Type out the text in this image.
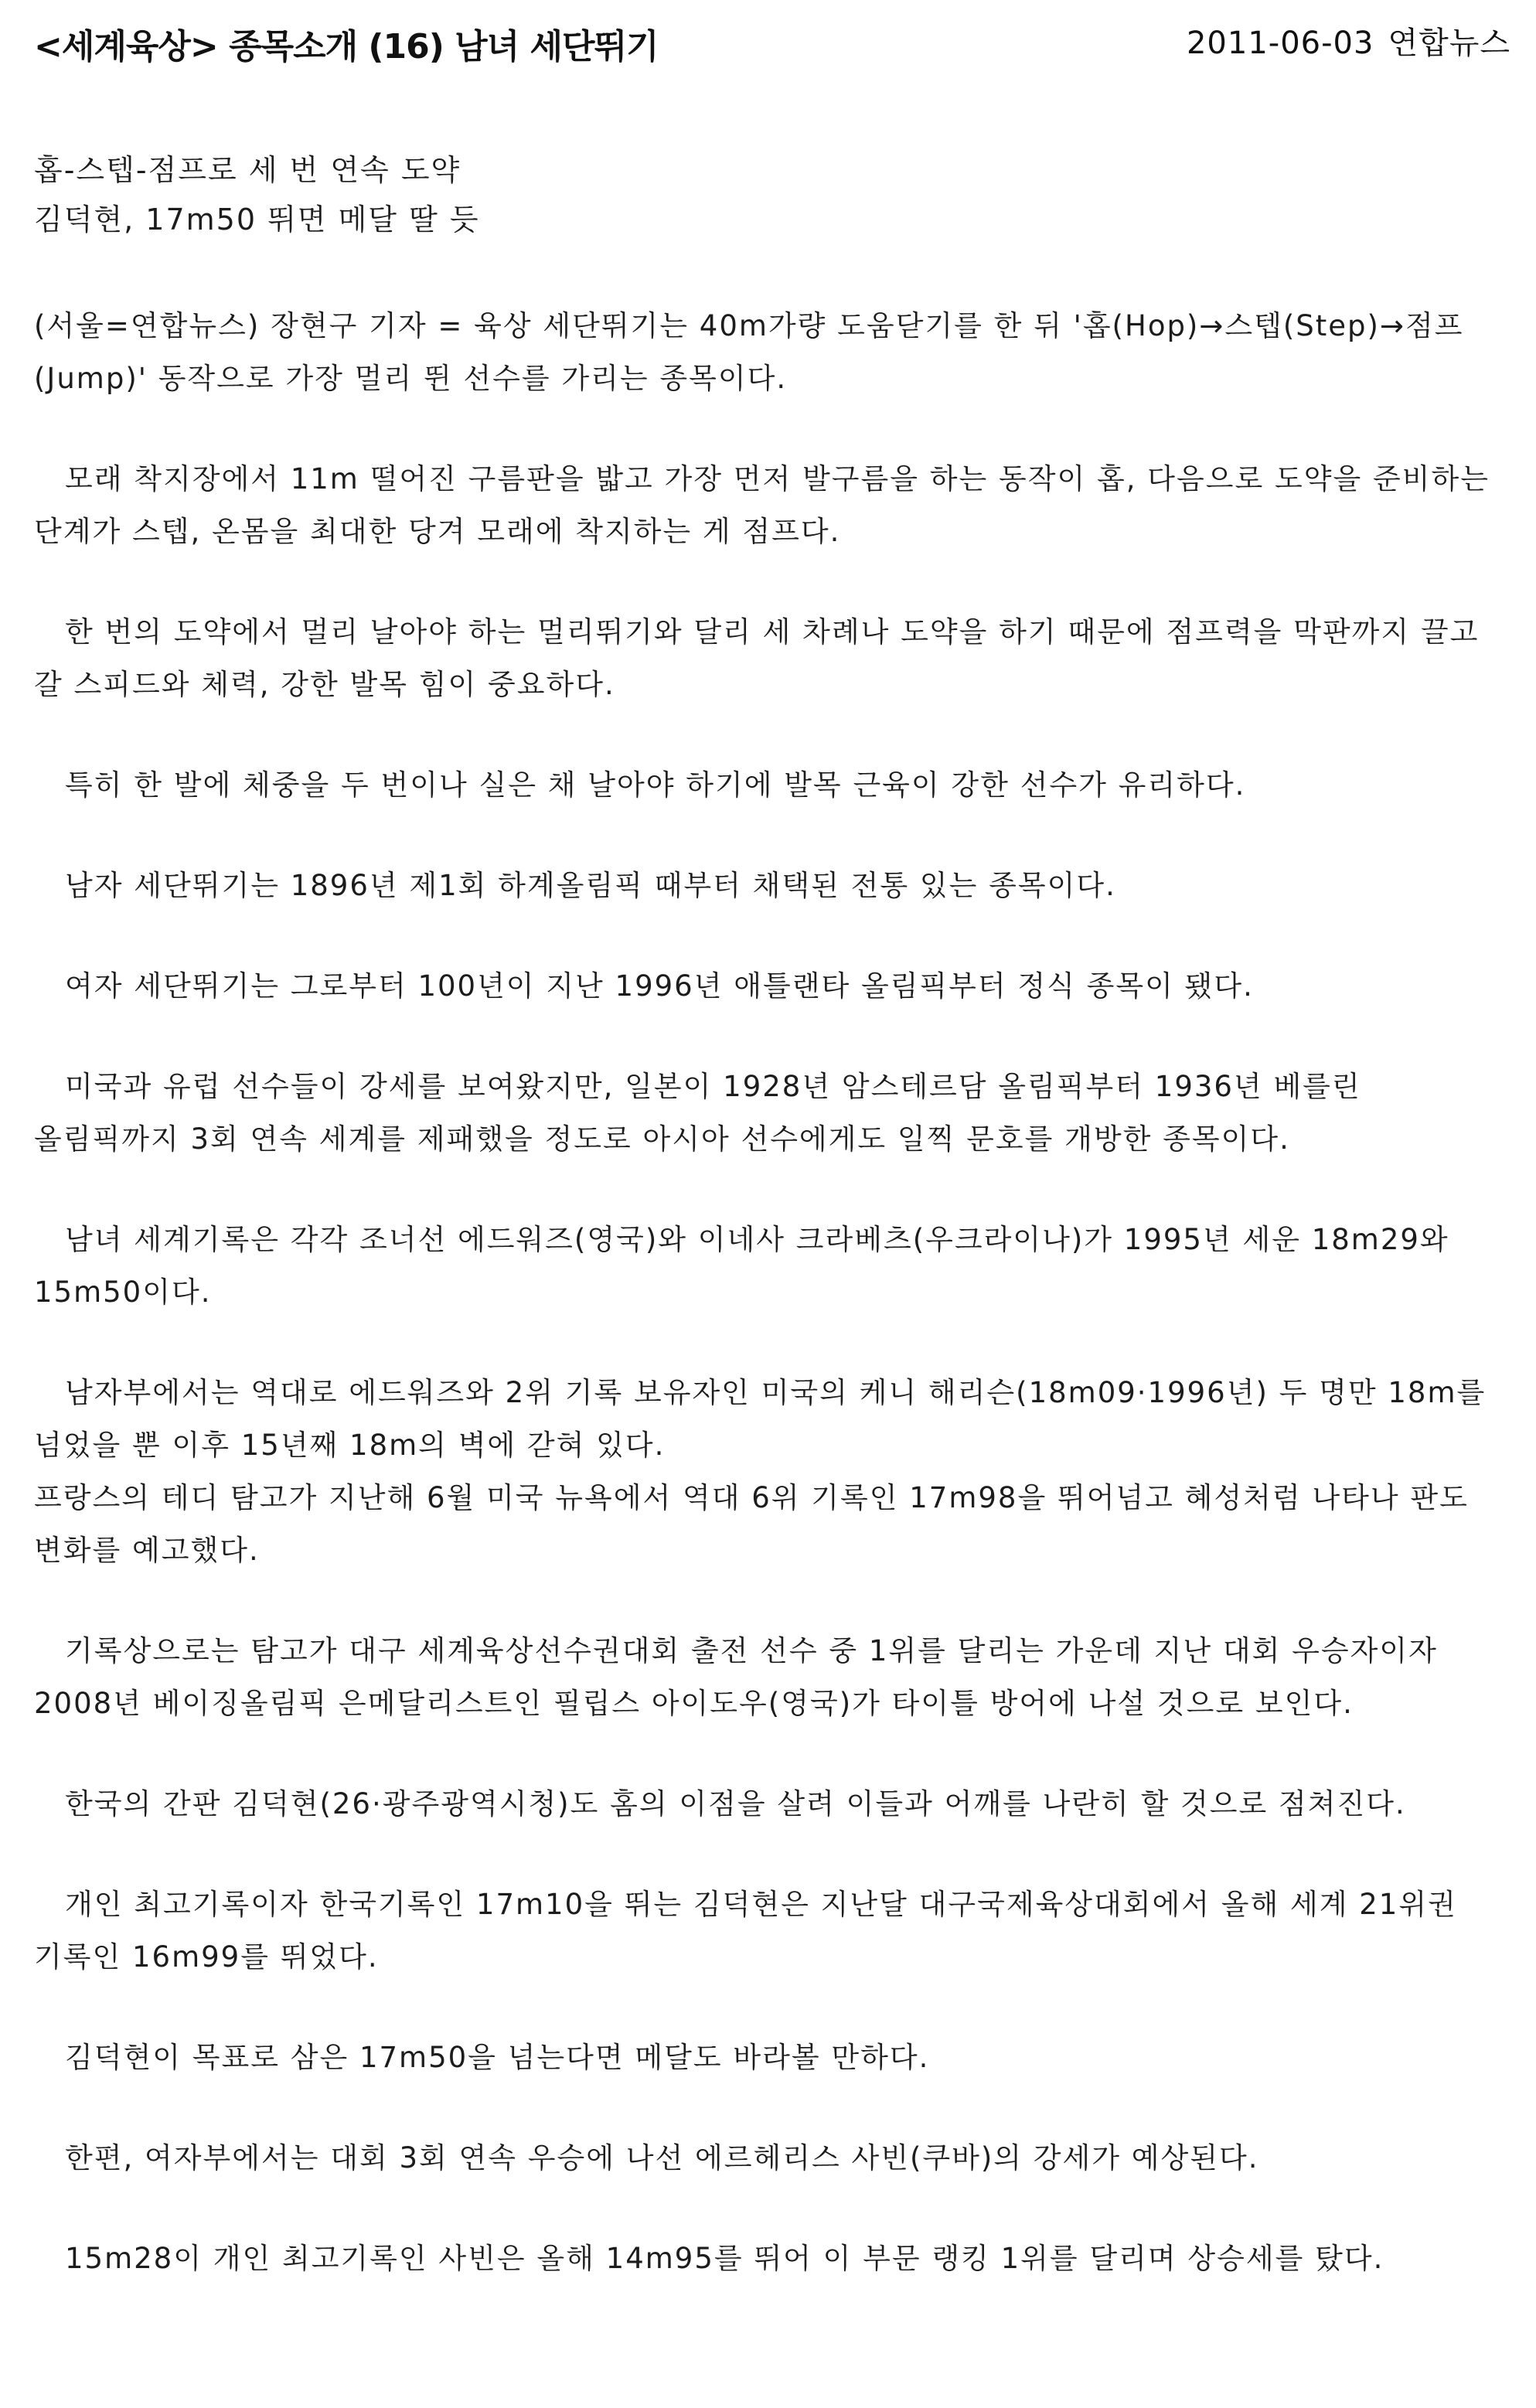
<세계육상> 종목소개 (16) 남녀 세단뛰기	2011-06-03 연합뉴스
홉-스텝-점프로 세 번 연속 도약
김덕현, 17m50 뛰면 메달 딸 듯

(서울=연합뉴스) 장현구 기자 = 육상 세단뛰기는 40m가량 도움닫기를 한 뒤 '홉(Hop)→스텝(Step)→점프(Jump)' 동작으로 가장 멀리 뛴 선수를 가리는 종목이다.

모래 착지장에서 11m 떨어진 구름판을 밟고 가장 먼저 발구름을 하는 동작이 홉, 다음으로 도약을 준비하는 단계가 스텝, 온몸을 최대한 당겨 모래에 착지하는 게 점프다.

한 번의 도약에서 멀리 날아야 하는 멀리뛰기와 달리 세 차례나 도약을 하기 때문에 점프력을 막판까지 끌고 갈 스피드와 체력, 강한 발목 힘이 중요하다.

특히 한 발에 체중을 두 번이나 실은 채 날아야 하기에 발목 근육이 강한 선수가 유리하다.

남자 세단뛰기는 1896년 제1회 하계올림픽 때부터 채택된 전통 있는 종목이다.

여자 세단뛰기는 그로부터 100년이 지난 1996년 애틀랜타 올림픽부터 정식 종목이 됐다.

미국과 유럽 선수들이 강세를 보여왔지만, 일본이 1928년 암스테르담 올림픽부터 1936년 베를린 올림픽까지 3회 연속 세계를 제패했을 정도로 아시아 선수에게도 일찍 문호를 개방한 종목이다.

남녀 세계기록은 각각 조너선 에드워즈(영국)와 이네사 크라베츠(우크라이나)가 1995년 세운 18m29와 15m50이다.

남자부에서는 역대로 에드워즈와 2위 기록 보유자인 미국의 케니 해리슨(18m09·1996년) 두 명만 18m를 넘었을 뿐 이후 15년째 18m의 벽에 갇혀 있다.

프랑스의 테디 탐고가 지난해 6월 미국 뉴욕에서 역대 6위 기록인 17m98을 뛰어넘고 혜성처럼 나타나 판도 변화를 예고했다.

기록상으로는 탐고가 대구 세계육상선수권대회 출전 선수 중 1위를 달리는 가운데 지난 대회 우승자이자 2008년 베이징올림픽 은메달리스트인 필립스 아이도우(영국)가 타이틀 방어에 나설 것으로 보인다.

한국의 간판 김덕현(26·광주광역시청)도 홈의 이점을 살려 이들과 어깨를 나란히 할 것으로 점쳐진다.

개인 최고기록이자 한국기록인 17m10을 뛰는 김덕현은 지난달 대구국제육상대회에서 올해 세계 21위권 기록인 16m99를 뛰었다.

김덕현이 목표로 삼은 17m50을 넘는다면 메달도 바라볼 만하다.

한편, 여자부에서는 대회 3회 연속 우승에 나선 에르헤리스 사빈(쿠바)의 강세가 예상된다.

15m28이 개인 최고기록인 사빈은 올해 14m95를 뛰어 이 부문 랭킹 1위를 달리며 상승세를 탔다.
